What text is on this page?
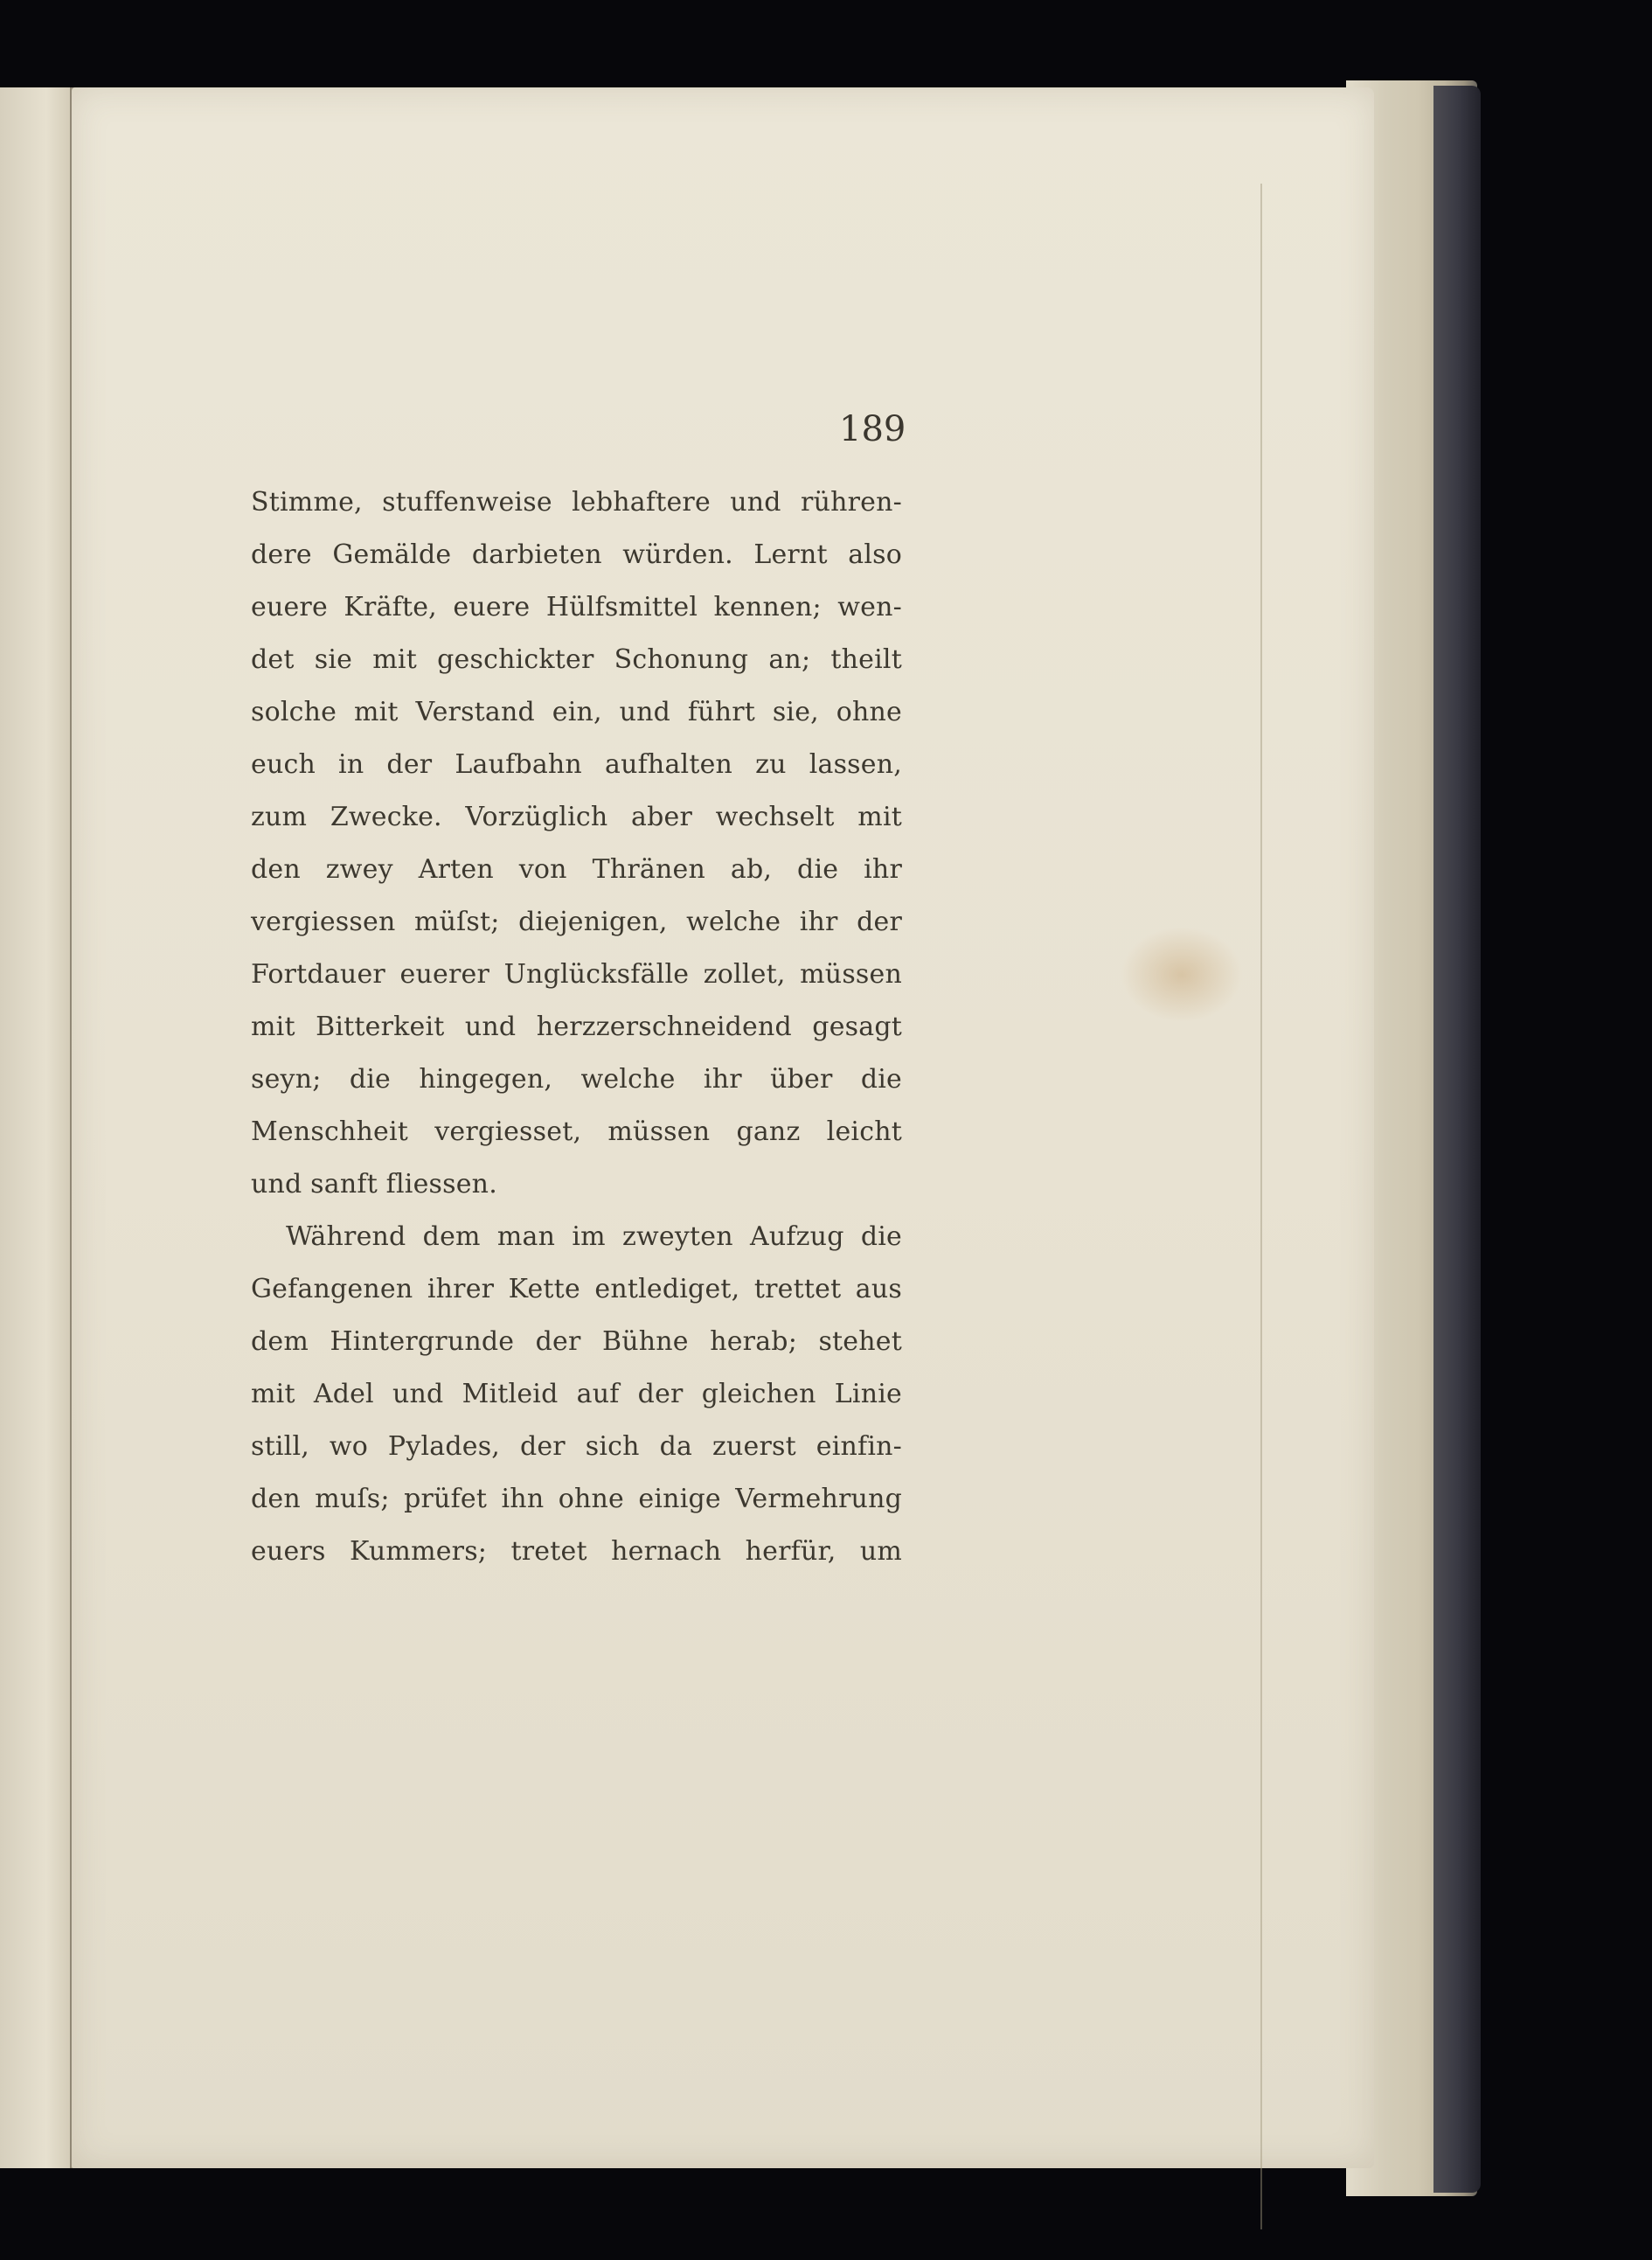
189
Stimme, stuffenweise lebhaftere und rühren-
dere Gemälde darbieten würden. Lernt also
euere Kräfte, euere Hülfsmittel kennen; wen-
det sie mit geschickter Schonung an; theilt
solche mit Verstand ein, und führt sie, ohne
euch in der Laufbahn aufhalten zu lassen,
zum Zwecke. Vorzüglich aber wechselt mit
den zwey Arten von Thränen ab, die ihr
vergiessen müſst; diejenigen, welche ihr der
Fortdauer euerer Unglücksfälle zollet, müssen
mit Bitterkeit und herzzerschneidend gesagt
seyn; die hingegen, welche ihr über die
Menschheit vergiesset, müssen ganz leicht
und sanft fliessen.
Während dem man im zweyten Aufzug die
Gefangenen ihrer Kette entlediget, trettet aus
dem Hintergrunde der Bühne herab; stehet
mit Adel und Mitleid auf der gleichen Linie
still, wo Pylades, der sich da zuerst einfin-
den muſs; prüfet ihn ohne einige Vermehrung
euers Kummers; tretet hernach herfür, um
